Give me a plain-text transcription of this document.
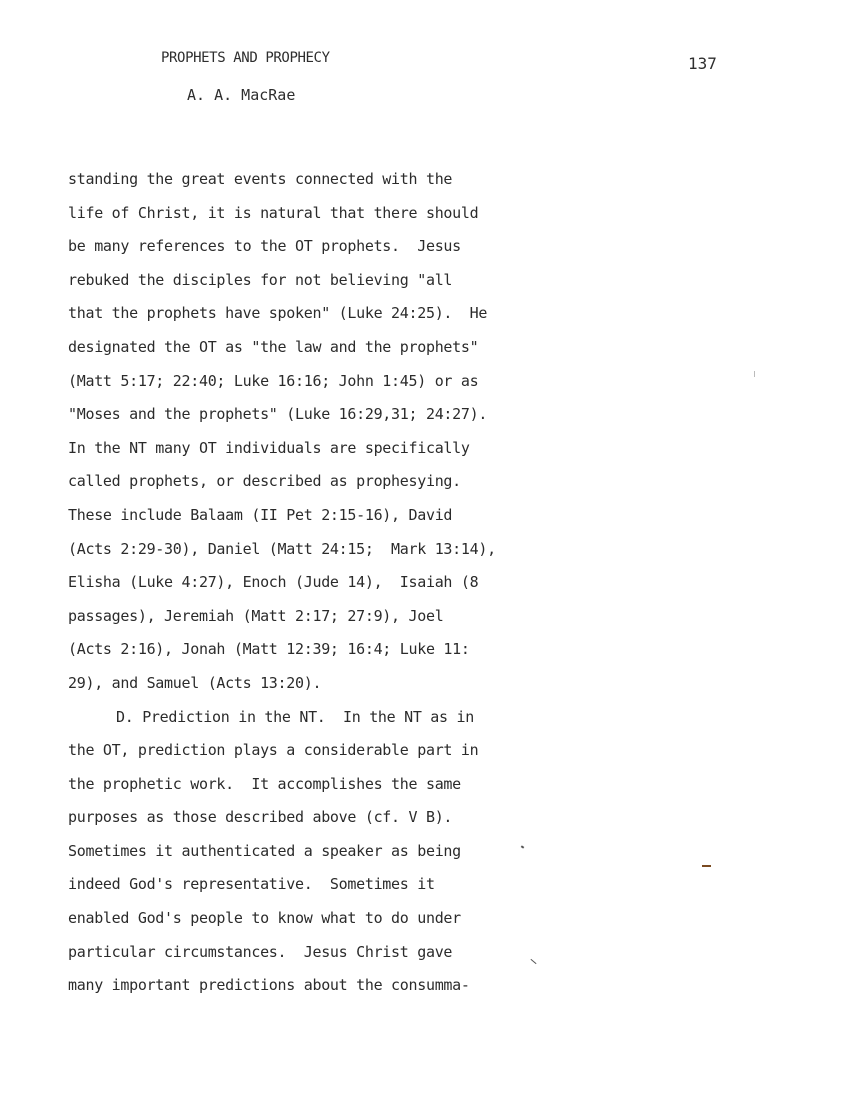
PROPHETS AND PROPHECY
A. A. MacRae
137
standing the great events connected with the
life of Christ, it is natural that there should
be many references to the OT prophets.  Jesus
rebuked the disciples for not believing "all
that the prophets have spoken" (Luke 24:25).  He
designated the OT as "the law and the prophets"
(Matt 5:17; 22:40; Luke 16:16; John 1:45) or as
"Moses and the prophets" (Luke 16:29,31; 24:27).
In the NT many OT individuals are specifically
called prophets, or described as prophesying.
These include Balaam (II Pet 2:15-16), David
(Acts 2:29-30), Daniel (Matt 24:15;  Mark 13:14),
Elisha (Luke 4:27), Enoch (Jude 14),  Isaiah (8
passages), Jeremiah (Matt 2:17; 27:9), Joel
(Acts 2:16), Jonah (Matt 12:39; 16:4; Luke 11:
29), and Samuel (Acts 13:20).
D. Prediction in the NT.  In the NT as in
the OT, prediction plays a considerable part in
the prophetic work.  It accomplishes the same
purposes as those described above (cf. V B).
Sometimes it authenticated a speaker as being
indeed God's representative.  Sometimes it
enabled God's people to know what to do under
particular circumstances.  Jesus Christ gave
many important predictions about the consumma-
